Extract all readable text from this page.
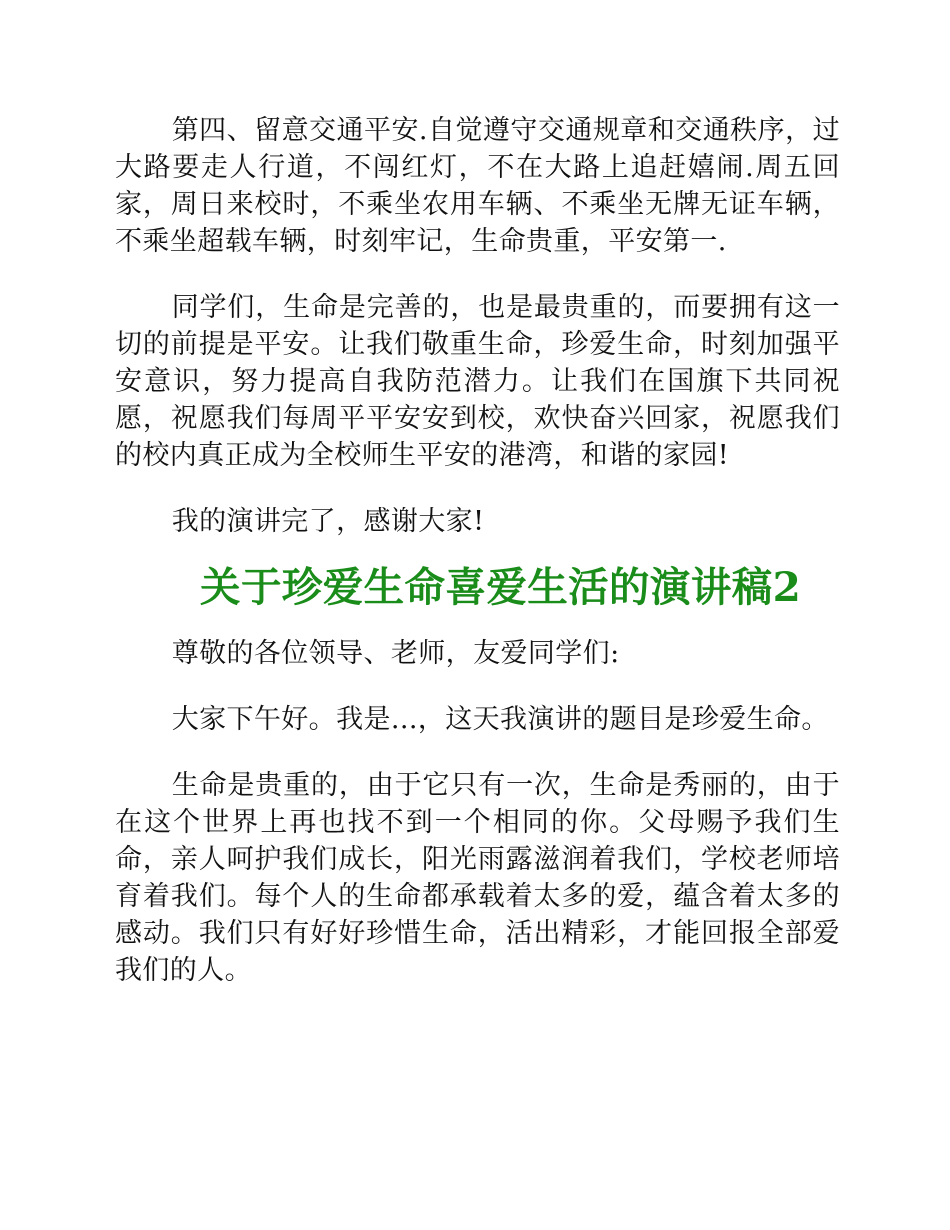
第四、留意交通平安.自觉遵守交通规章和交通秩序，过大路要走人行道，不闯红灯，不在大路上追赶嬉闹.周五回家，周日来校时，不乘坐农用车辆、不乘坐无牌无证车辆，不乘坐超载车辆，时刻牢记，生命贵重，平安第一.

同学们，生命是完善的，也是最贵重的，而要拥有这一切的前提是平安。让我们敬重生命，珍爱生命，时刻加强平安意识，努力提高自我防范潜力。让我们在国旗下共同祝愿，祝愿我们每周平平安安到校，欢快奋兴回家，祝愿我们的校内真正成为全校师生平安的港湾，和谐的家园!

我的演讲完了，感谢大家!

关于珍爱生命喜爱生活的演讲稿2

尊敬的各位领导、老师，友爱同学们:

大家下午好。我是...，这天我演讲的题目是珍爱生命。

生命是贵重的，由于它只有一次，生命是秀丽的，由于在这个世界上再也找不到一个相同的你。父母赐予我们生命，亲人呵护我们成长，阳光雨露滋润着我们，学校老师培育着我们。每个人的生命都承载着太多的爱，蕴含着太多的感动。我们只有好好珍惜生命，活出精彩，才能回报全部爱我们的人。
